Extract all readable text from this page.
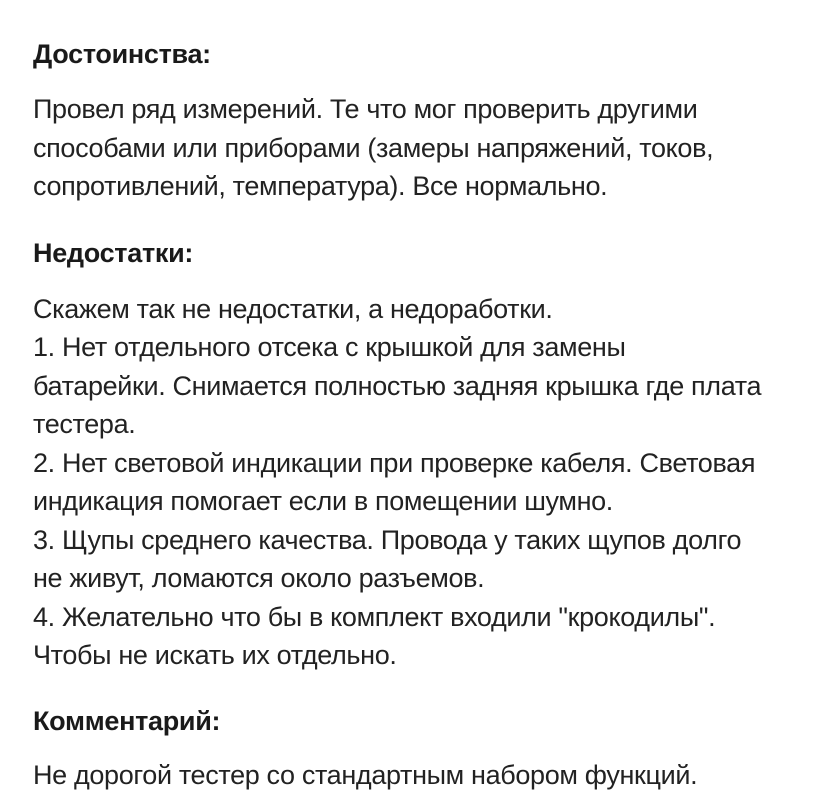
Достоинства:

Провел ряд измерений. Те что мог проверить другими
способами или приборами (замеры напряжений, токов,
сопротивлений, температура). Все нормально.

Недостатки:

Скажем так не недостатки, а недоработки.
1. Нет отдельного отсека с крышкой для замены
батарейки. Снимается полностью задняя крышка где плата
тестера.
2. Нет световой индикации при проверке кабеля. Световая
индикация помогает если в помещении шумно.
3. Щупы среднего качества. Провода у таких щупов долго
не живут, ломаются около разъемов.
4. Желательно что бы в комплект входили "крокодилы".
Чтобы не искать их отдельно.

Комментарий:

Не дорогой тестер со стандартным набором функций.
